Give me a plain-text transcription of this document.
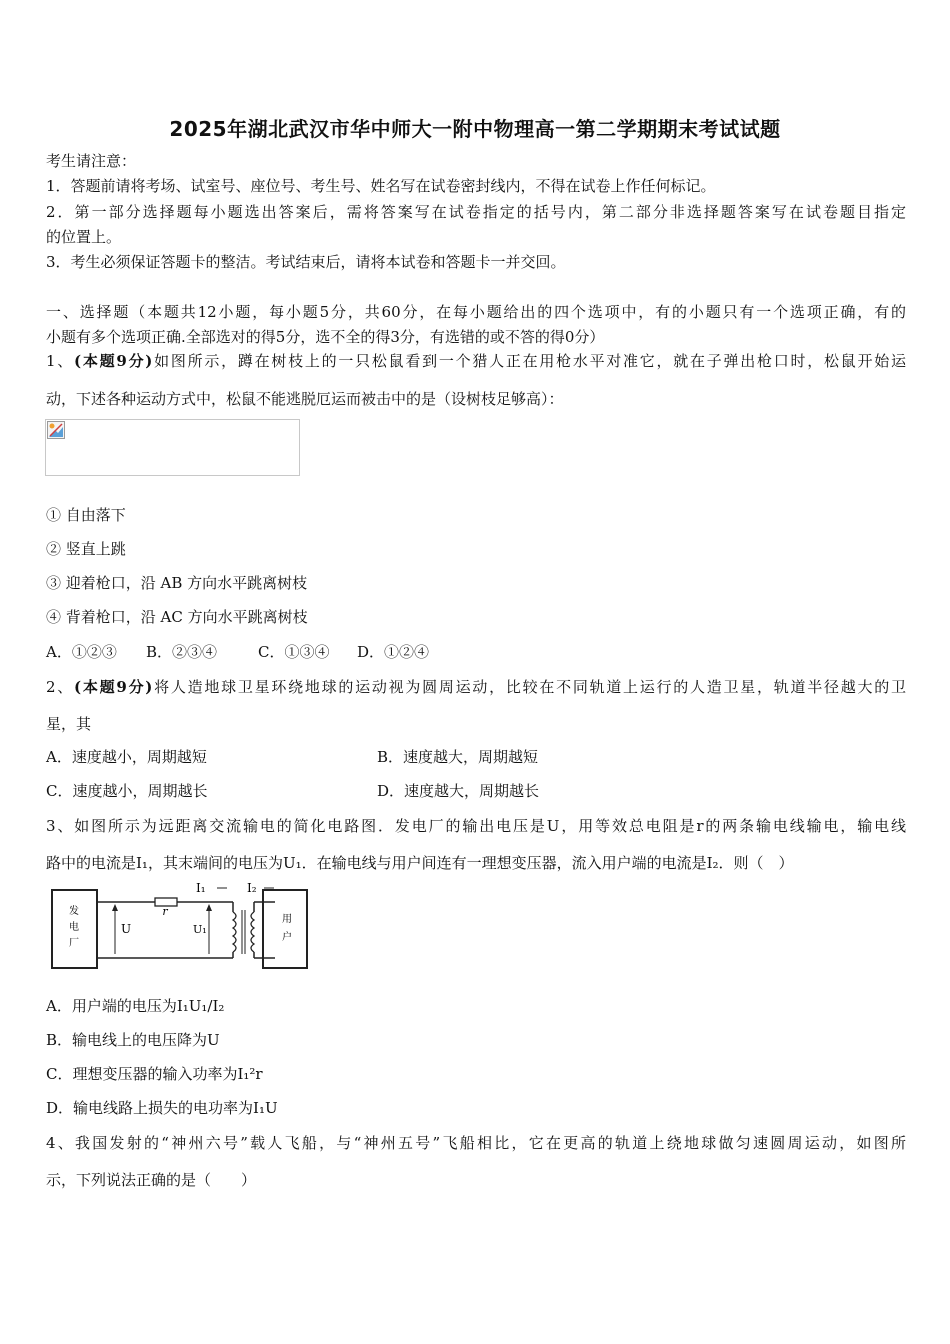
2025年湖北武汉市华中师大一附中物理高一第二学期期末考试试题
考生请注意：
1．答题前请将考场、试室号、座位号、考生号、姓名写在试卷密封线内，不得在试卷上作任何标记。
2．第一部分选择题每小题选出答案后，需将答案写在试卷指定的括号内，第二部分非选择题答案写在试卷题目指定
的位置上。
3．考生必须保证答题卡的整洁。考试结束后，请将本试卷和答题卡一并交回。
一、选择题（本题共12小题，每小题5分，共60分，在每小题给出的四个选项中，有的小题只有一个选项正确，有的
小题有多个选项正确.全部选对的得5分，选不全的得3分，有选错的或不答的得0分）
1、(本题9分)如图所示，蹲在树枝上的一只松鼠看到一个猎人正在用枪水平对准它，就在子弹出枪口时，松鼠开始运
动，下述各种运动方式中，松鼠不能逃脱厄运而被击中的是（设树枝足够高）：
① 自由落下
② 竖直上跳
③ 迎着枪口，沿 AB 方向水平跳离树枝
④ 背着枪口，沿 AC 方向水平跳离树枝
A．①②③ B．②③④	C．①③④ D．①②④
2、(本题9分)将人造地球卫星环绕地球的运动视为圆周运动，比较在不同轨道上运行的人造卫星，轨道半径越大的卫
星，其
A．速度越小，周期越短	B．速度越大，周期越短
C．速度越小，周期越长	D．速度越大，周期越长
3、如图所示为远距离交流输电的简化电路图．发电厂的输出电压是U，用等效总电阻是r的两条输电线输电，输电线
路中的电流是I₁，其末端间的电压为U₁．在输电线与用户间连有一理想变压器，流入用户端的电流是I₂．则（　）
发
电
厂
r
U	U₁
I₁	I₂
用
户
A．用户端的电压为I₁U₁/I₂
B．输电线上的电压降为U
C．理想变压器的输入功率为I₁²r
D．输电线路上损失的电功率为I₁U
4、我国发射的“神州六号”载人飞船，与“神州五号”飞船相比，它在更高的轨道上绕地球做匀速圆周运动，如图所
示，下列说法正确的是（　　）
